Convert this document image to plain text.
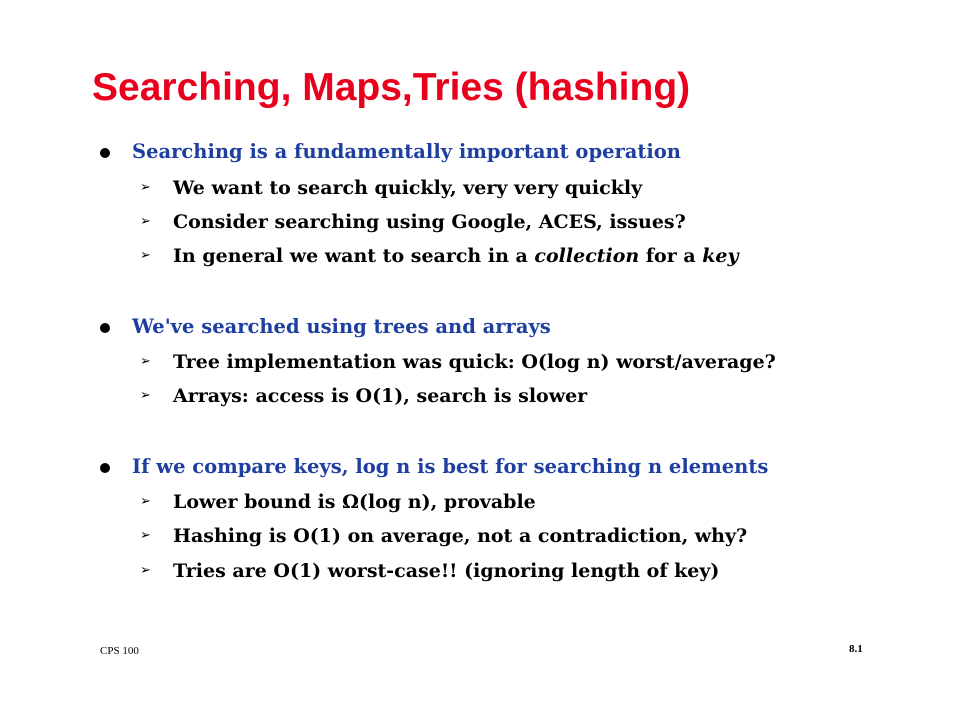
Searching, Maps,Tries (hashing)
Searching is a fundamentally important operation
➢ We want to search quickly, very very quickly
➢ Consider searching using Google, ACES, issues?
➢ In general we want to search in a collection for a key
We've searched using trees and arrays
➢ Tree implementation was quick: O(log n) worst/average?
➢ Arrays: access is O(1), search is slower
If we compare keys, log n is best for searching n elements
➢ Lower bound is Ω(log n), provable
➢ Hashing is O(1) on average, not a contradiction, why?
➢ Tries are O(1) worst-case!! (ignoring length of key)
CPS 100	8.1
